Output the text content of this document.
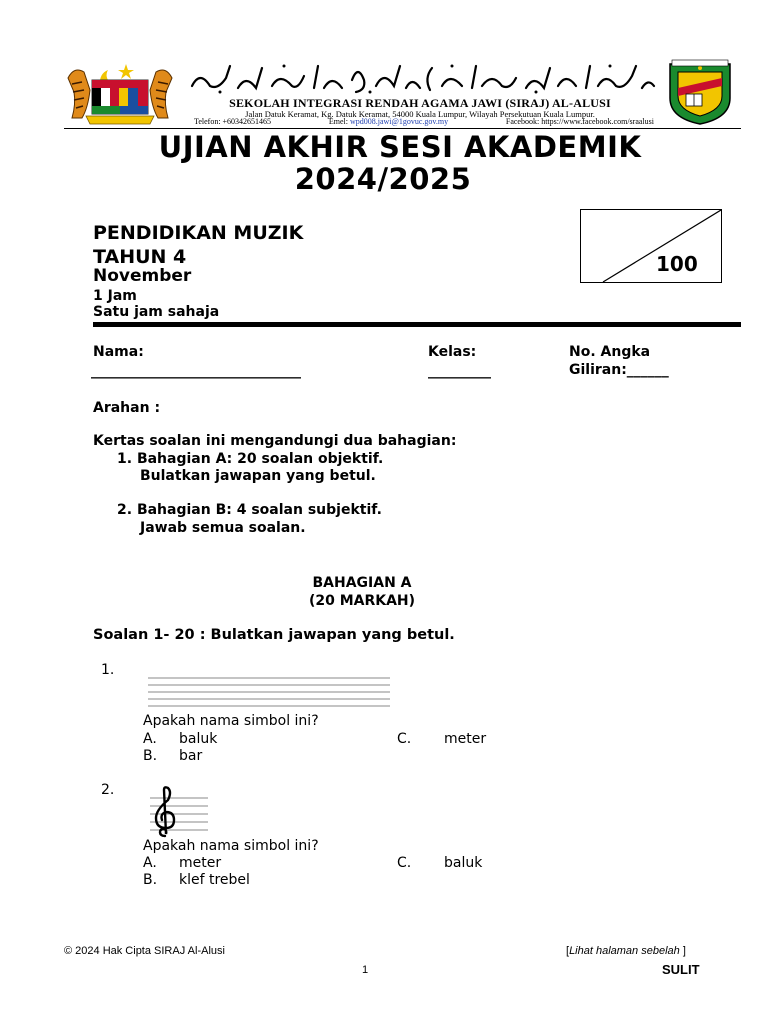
SEKOLAH INTEGRASI RENDAH AGAMA JAWI (SIRAJ) AL-ALUSI
Jalan Datuk Keramat, Kg. Datuk Keramat, 54000 Kuala Lumpur, Wilayah Persekutuan Kuala Lumpur.
Telefon: +60342651465	Emel: wpd008.jawi@1govuc.gov.my	Facebook: https://www.facebook.com/sraalusi
UJIAN AKHIR SESI AKADEMIK
2024/2025
PENDIDIKAN MUZIK
TAHUN 4
November
1 Jam
Satu jam sahaja
100
Nama:
______________________________
Kelas:
_________
No. Angka
Giliran:______
Arahan :
Kertas soalan ini mengandungi dua bahagian:
1. Bahagian A: 20 soalan objektif.
Bulatkan jawapan yang betul.
2. Bahagian B: 4 soalan subjektif.
Jawab semua soalan.
BAHAGIAN A
(20 MARKAH)
Soalan 1- 20 : Bulatkan jawapan yang betul.
1.
Apakah nama simbol ini?
A. baluk	C. meter
B. bar
2.
Apakah nama simbol ini?
A. meter	C. baluk
B. klef trebel
© 2024 Hak Cipta SIRAJ Al-Alusi	[Lihat halaman sebelah ]
1	SULIT
